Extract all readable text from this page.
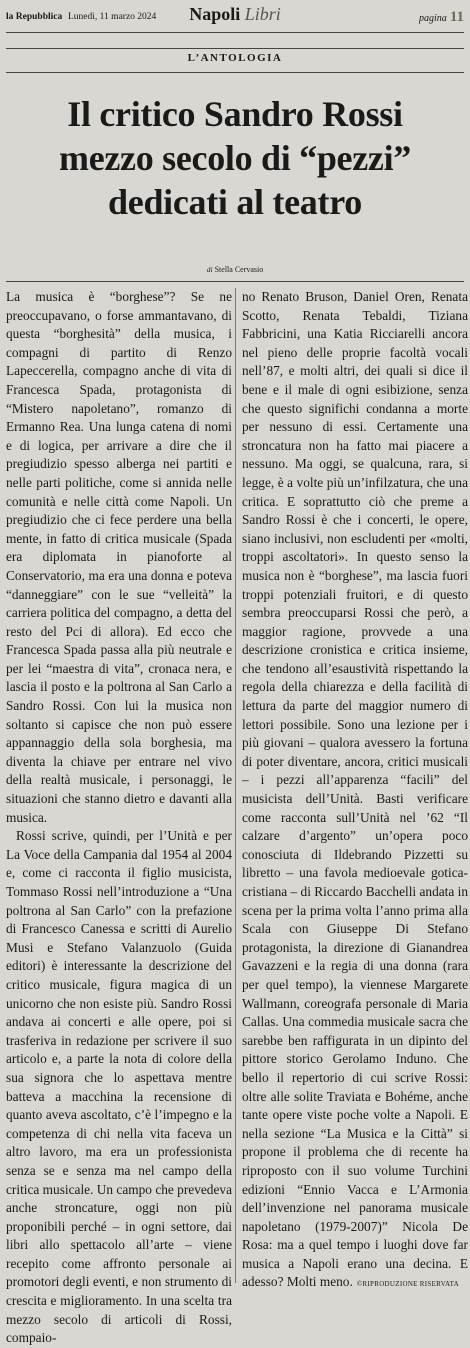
la Repubblica Lunedì, 11 marzo 2024	Napoli Libri	pagina 11
L’ANTOLOGIA
Il critico Sandro Rossi
mezzo secolo di “pezzi”
dedicati al teatro
di Stella Cervasio

La musica è “borghese”? Se ne preoccupavano, o forse ammantavano, di questa “borghesità” della musica, i compagni di partito di Renzo Lapeccerella, compagno anche di vita di Francesca Spada, protagonista di “Mistero napoletano”, romanzo di Ermanno Rea. Una lunga catena di nomi e di logica, per arrivare a dire che il pregiudizio spesso alberga nei partiti e nelle parti politiche, come si annida nelle comunità e nelle città come Napoli. Un pregiudizio che ci fece perdere una bella mente, in fatto di critica musicale (Spada era diplomata in pianoforte al Conservatorio, ma era una donna e poteva “danneggiare” con le sue “velleità” la carriera politica del compagno, a detta del resto del Pci di allora). Ed ecco che Francesca Spada passa alla più neutrale e per lei “maestra di vita”, cronaca nera, e lascia il posto e la poltrona al San Carlo a Sandro Rossi. Con lui la musica non soltanto si capisce che non può essere appannaggio della sola borghesia, ma diventa la chiave per entrare nel vivo della realtà musicale, i personaggi, le situazioni che stanno dietro e davanti alla musica.

Rossi scrive, quindi, per l’Unità e per La Voce della Campania dal 1954 al 2004 e, come ci racconta il figlio musicista, Tommaso Rossi nell’introduzione a “Una poltrona al San Carlo” con la prefazione di Francesco Canessa e scritti di Aurelio Musi e Stefano Valanzuolo (Guida editori) è interessante la descrizione del critico musicale, figura magica di un unicorno che non esiste più. Sandro Rossi andava ai concerti e alle opere, poi si trasferiva in redazione per scrivere il suo articolo e, a parte la nota di colore della sua signora che lo aspettava mentre batteva a macchina la recensione di quanto aveva ascoltato, c’è l’impegno e la competenza di chi nella vita faceva un altro lavoro, ma era un professionista senza se e senza ma nel campo della critica musicale. Un campo che prevedeva anche stroncature, oggi non più proponibili perché – in ogni settore, dai libri allo spettacolo all’arte – viene recepito come affronto personale ai promotori degli eventi, e non strumento di crescita e miglioramento. In una scelta tra mezzo secolo di articoli di Rossi, compaio-

no Renato Bruson, Daniel Oren, Renata Scotto, Renata Tebaldi, Tiziana Fabbricini, una Katia Ricciarelli ancora nel pieno delle proprie facoltà vocali nell’87, e molti altri, dei quali si dice il bene e il male di ogni esibizione, senza che questo significhi condanna a morte per nessuno di essi. Certamente una stroncatura non ha fatto mai piacere a nessuno. Ma oggi, se qualcuna, rara, si legge, è a volte più un’infilzatura, che una critica. E soprattutto ciò che preme a Sandro Rossi è che i concerti, le opere, siano inclusivi, non escludenti per «molti, troppi ascoltatori». In questo senso la musica non è “borghese”, ma lascia fuori troppi potenziali fruitori, e di questo sembra preoccuparsi Rossi che però, a maggior ragione, provvede a una descrizione cronistica e critica insieme, che tendono all’esaustività rispettando la regola della chiarezza e della facilità di lettura da parte del maggior numero di lettori possibile. Sono una lezione per i più giovani – qualora avessero la fortuna di poter diventare, ancora, critici musicali – i pezzi all’apparenza “facili” del musicista dell’Unità. Basti verificare come racconta sull’Unità nel ’62 “Il calzare d’argento” un’opera poco conosciuta di Ildebrando Pizzetti su libretto – una favola medioevale gotica-cristiana – di Riccardo Bacchelli andata in scena per la prima volta l’anno prima alla Scala con Giuseppe Di Stefano protagonista, la direzione di Gianandrea Gavazzeni e la regia di una donna (rara per quel tempo), la viennese Margarete Wallmann, coreografa personale di Maria Callas. Una commedia musicale sacra che sarebbe ben raffigurata in un dipinto del pittore storico Gerolamo Induno. Che bello il repertorio di cui scrive Rossi: oltre alle solite Traviata e Bohéme, anche tante opere viste poche volte a Napoli. E nella sezione “La Musica e la Città” si propone il problema che di recente ha riproposto con il suo volume Turchini edizioni “Ennio Vacca e L’Armonia dell’invenzione nel panorama musicale napoletano (1979-2007)” Nicola De Rosa: ma a quel tempo i luoghi dove far musica a Napoli erano una decina. E adesso? Molti meno. ©RIPRODUZIONE RISERVATA
